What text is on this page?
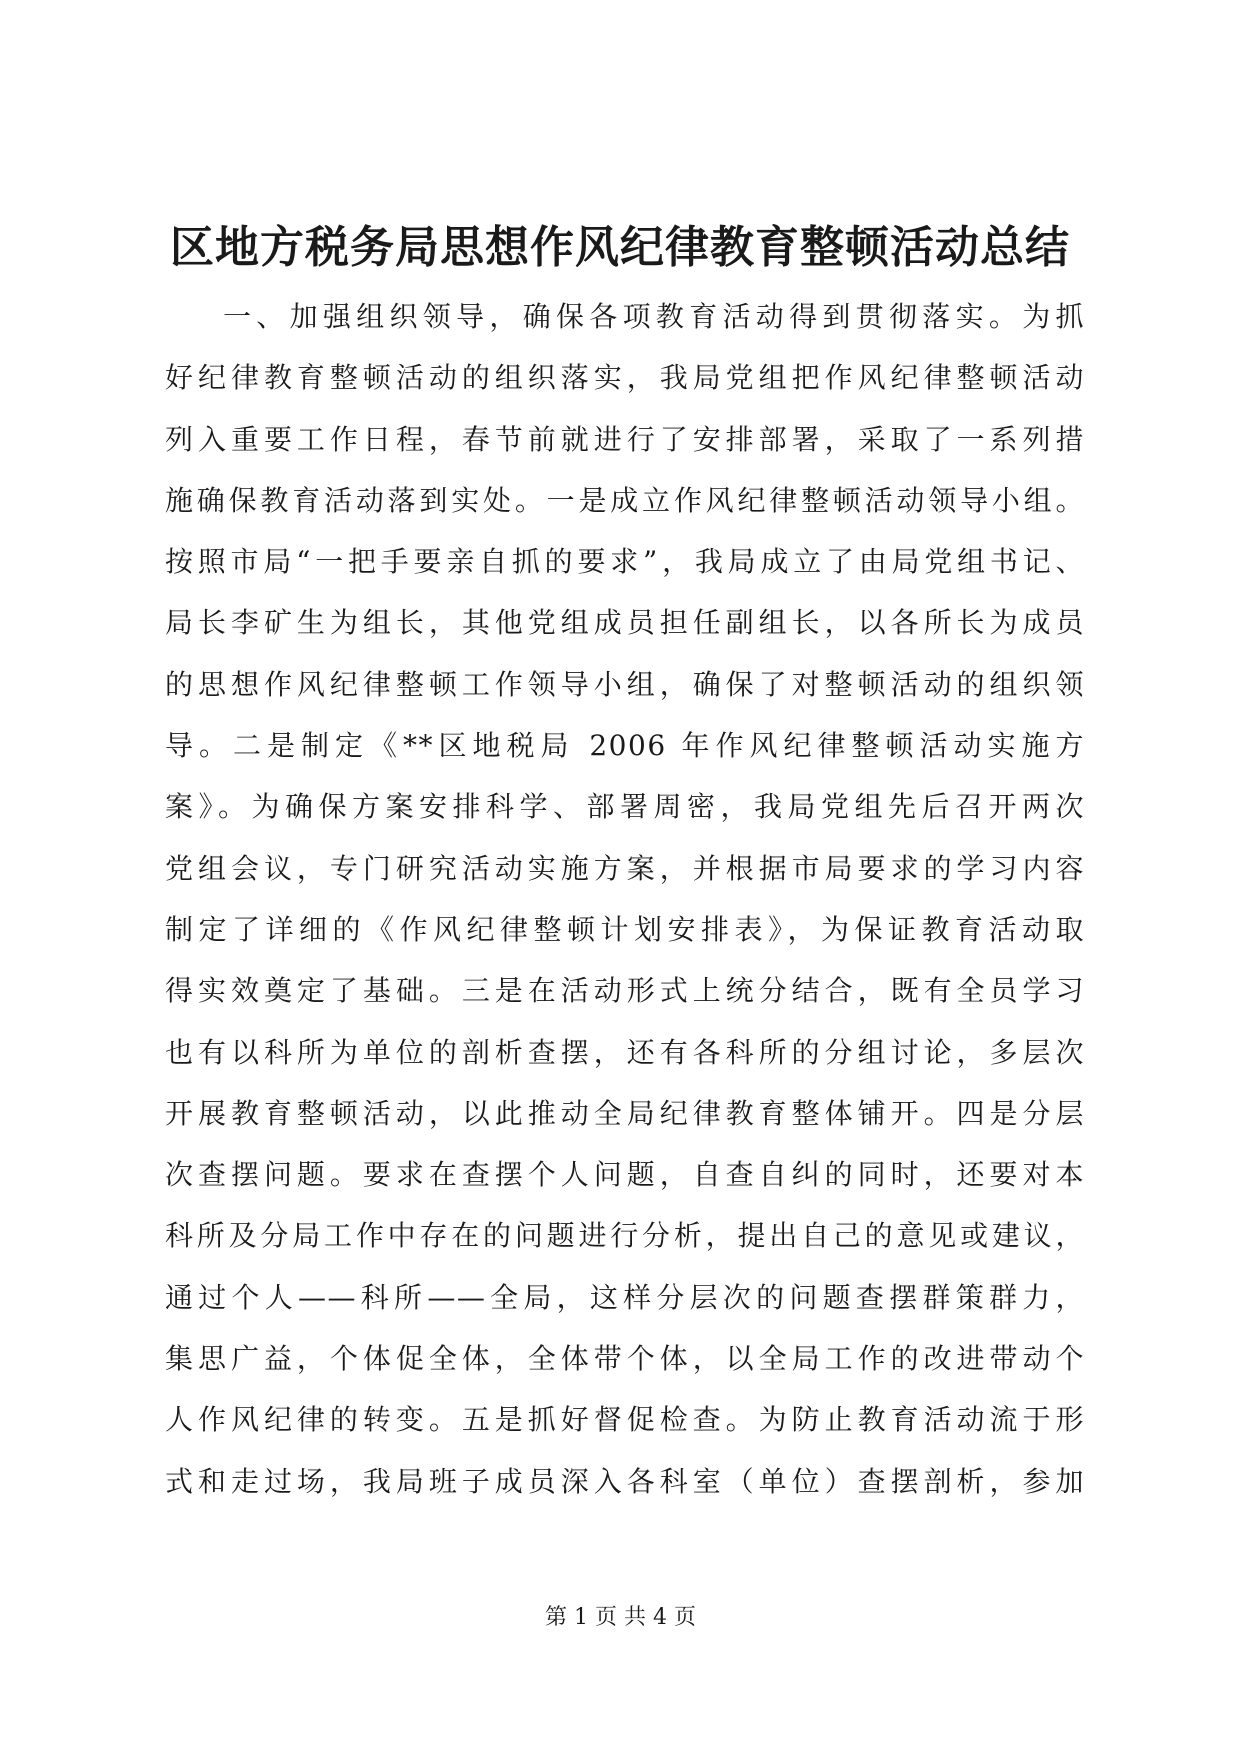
区地方税务局思想作风纪律教育整顿活动总结
一、加强组织领导，确保各项教育活动得到贯彻落实。为抓
好纪律教育整顿活动的组织落实，我局党组把作风纪律整顿活动
列入重要工作日程，春节前就进行了安排部署，采取了一系列措
施确保教育活动落到实处。一是成立作风纪律整顿活动领导小组。
按照市局“一把手要亲自抓的要求”，我局成立了由局党组书记、
局长李矿生为组长，其他党组成员担任副组长，以各所长为成员
的思想作风纪律整顿工作领导小组，确保了对整顿活动的组织领
导。二是制定《**区地税局 2006 年作风纪律整顿活动实施方
案》。为确保方案安排科学、部署周密，我局党组先后召开两次
党组会议，专门研究活动实施方案，并根据市局要求的学习内容
制定了详细的《作风纪律整顿计划安排表》，为保证教育活动取
得实效奠定了基础。三是在活动形式上统分结合，既有全员学习
也有以科所为单位的剖析查摆，还有各科所的分组讨论，多层次
开展教育整顿活动，以此推动全局纪律教育整体铺开。四是分层
次查摆问题。要求在查摆个人问题，自查自纠的同时，还要对本
科所及分局工作中存在的问题进行分析，提出自己的意见或建议，
通过个人——科所——全局，这样分层次的问题查摆群策群力，
集思广益，个体促全体，全体带个体，以全局工作的改进带动个
人作风纪律的转变。五是抓好督促检查。为防止教育活动流于形
式和走过场，我局班子成员深入各科室（单位）查摆剖析，参加
第 1 页 共 4 页
